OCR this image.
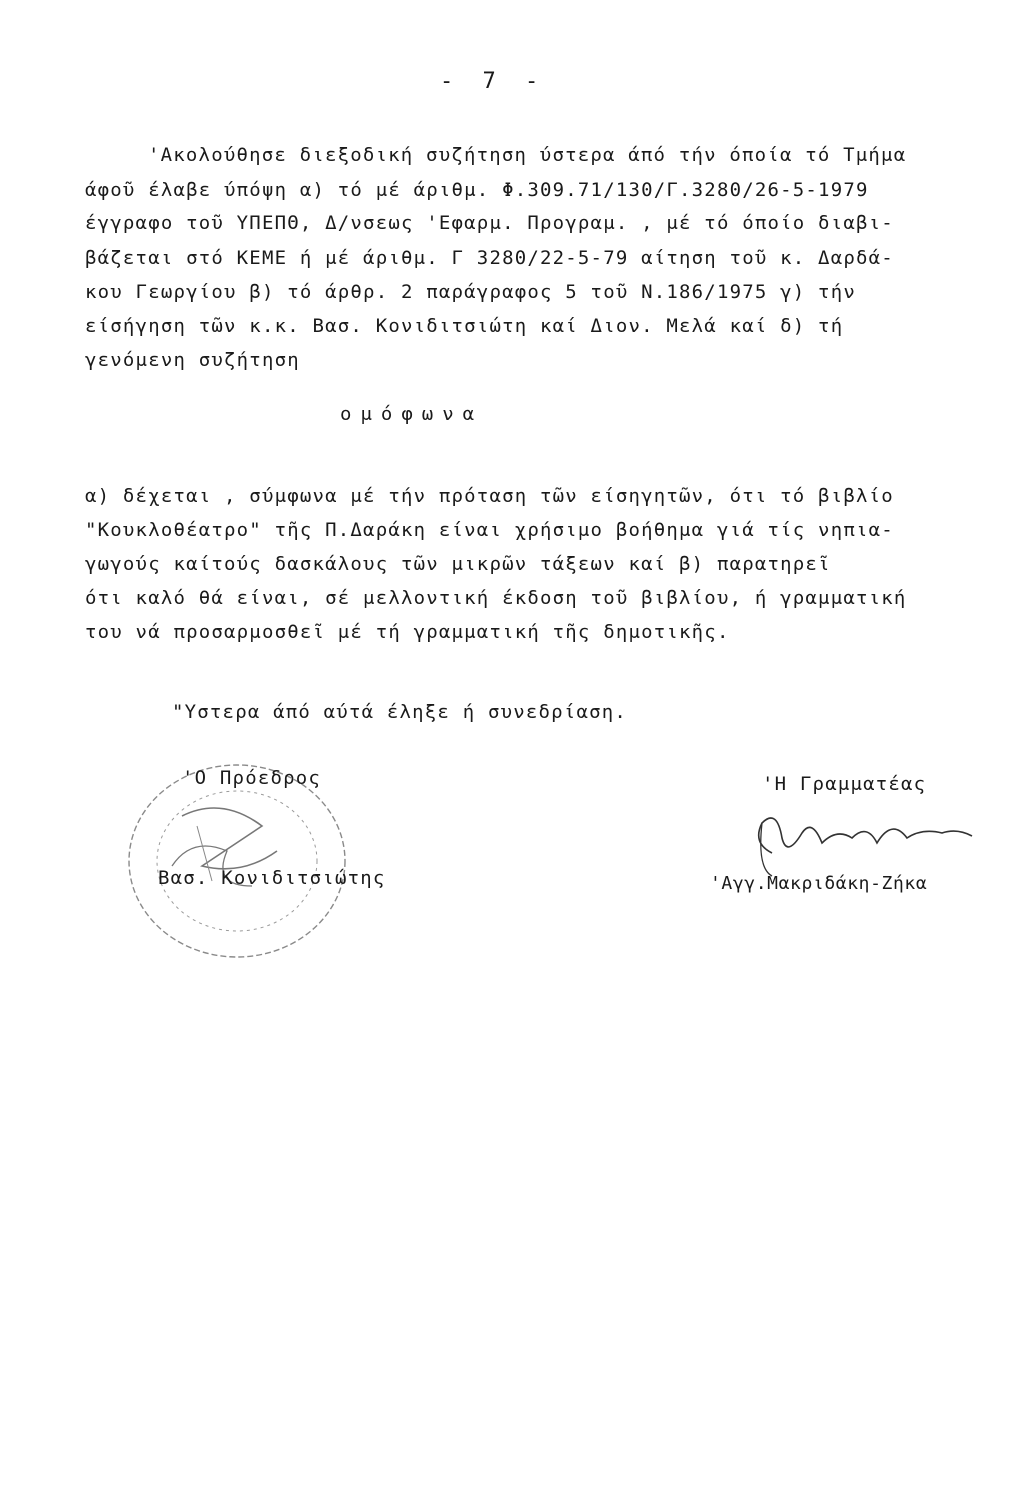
- 7 -
'Ακολούθησε διεξοδική συζήτηση ύστερα άπό τήν όποία τό Τμήμα
άφοῦ έλαβε ύπόψη α) τό μέ άριθμ. Φ.309.71/130/Γ.3280/26-5-1979
έγγραφο τοῦ ΥΠΕΠΘ, Δ/νσεως 'Εφαρμ. Προγραμ. , μέ τό όποίο διαβι-
βάζεται στό ΚΕΜΕ ή μέ άριθμ. Γ 3280/22-5-79 αίτηση τοῦ κ. Δαρδά-
κου Γεωργίου β) τό άρθρ. 2 παράγραφος 5 τοῦ Ν.186/1975 γ) τήν
είσήγηση τῶν κ.κ. Βασ. Κονιδιτσιώτη καί Διον. Μελά καί δ) τή
γενόμενη συζήτηση
ομόφωνα
α) δέχεται , σύμφωνα μέ τήν πρόταση τῶν είσηγητῶν, ότι τό βιβλίο
"Κουκλοθέατρο" τῆς Π.Δαράκη είναι χρήσιμο βοήθημα γιά τίς νηπια-
γωγούς καίτούς δασκάλους τῶν μικρῶν τάξεων καί β) παρατηρεῖ
ότι καλό θά είναι, σέ μελλοντική έκδοση τοῦ βιβλίου, ή γραμματική
του νά προσαρμοσθεῖ μέ τή γραμματική τῆς δημοτικῆς.
"Υστερα άπό αύτά έληξε ή συνεδρίαση.
'Ο Πρόεδρος
Βασ. Κονιδιτσιώτης
'Η Γραμματέας
'Αγγ.Μακριδάκη-Ζήκα
